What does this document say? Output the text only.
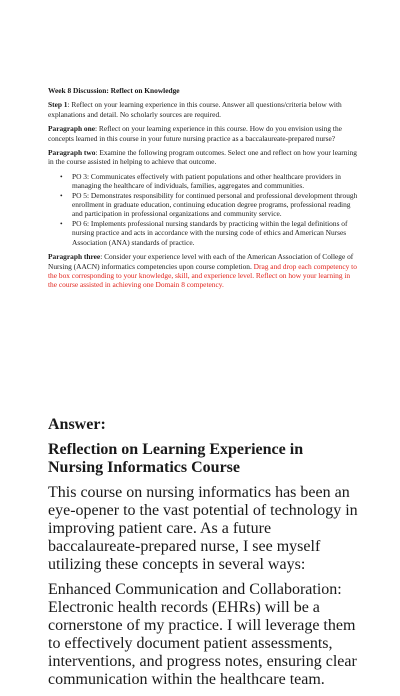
Week 8 Discussion: Reflect on Knowledge

Step 1: Reflect on your learning experience in this course. Answer all questions/criteria below with explanations and detail. No scholarly sources are required.

Paragraph one: Reflect on your learning experience in this course. How do you envision using the concepts learned in this course in your future nursing practice as a baccalaureate-prepared nurse?

Paragraph two: Examine the following program outcomes. Select one and reflect on how your learning in the course assisted in helping to achieve that outcome.

• PO 3: Communicates effectively with patient populations and other healthcare providers in managing the healthcare of individuals, families, aggregates and communities.
• PO 5: Demonstrates responsibility for continued personal and professional development through enrollment in graduate education, continuing education degree programs, professional reading and participation in professional organizations and community service.
• PO 6: Implements professional nursing standards by practicing within the legal definitions of nursing practice and acts in accordance with the nursing code of ethics and American Nurses Association (ANA) standards of practice.

Paragraph three: Consider your experience level with each of the American Association of College of Nursing (AACN) informatics competencies upon course completion. Drag and drop each competency to the box corresponding to your knowledge, skill, and experience level. Reflect on how your learning in the course assisted in achieving one Domain 8 competency.

Answer:

Reflection on Learning Experience in Nursing Informatics Course

This course on nursing informatics has been an eye-opener to the vast potential of technology in improving patient care. As a future baccalaureate-prepared nurse, I see myself utilizing these concepts in several ways:

Enhanced Communication and Collaboration: Electronic health records (EHRs) will be a cornerstone of my practice. I will leverage them to effectively document patient assessments, interventions, and progress notes, ensuring clear communication within the healthcare team.
